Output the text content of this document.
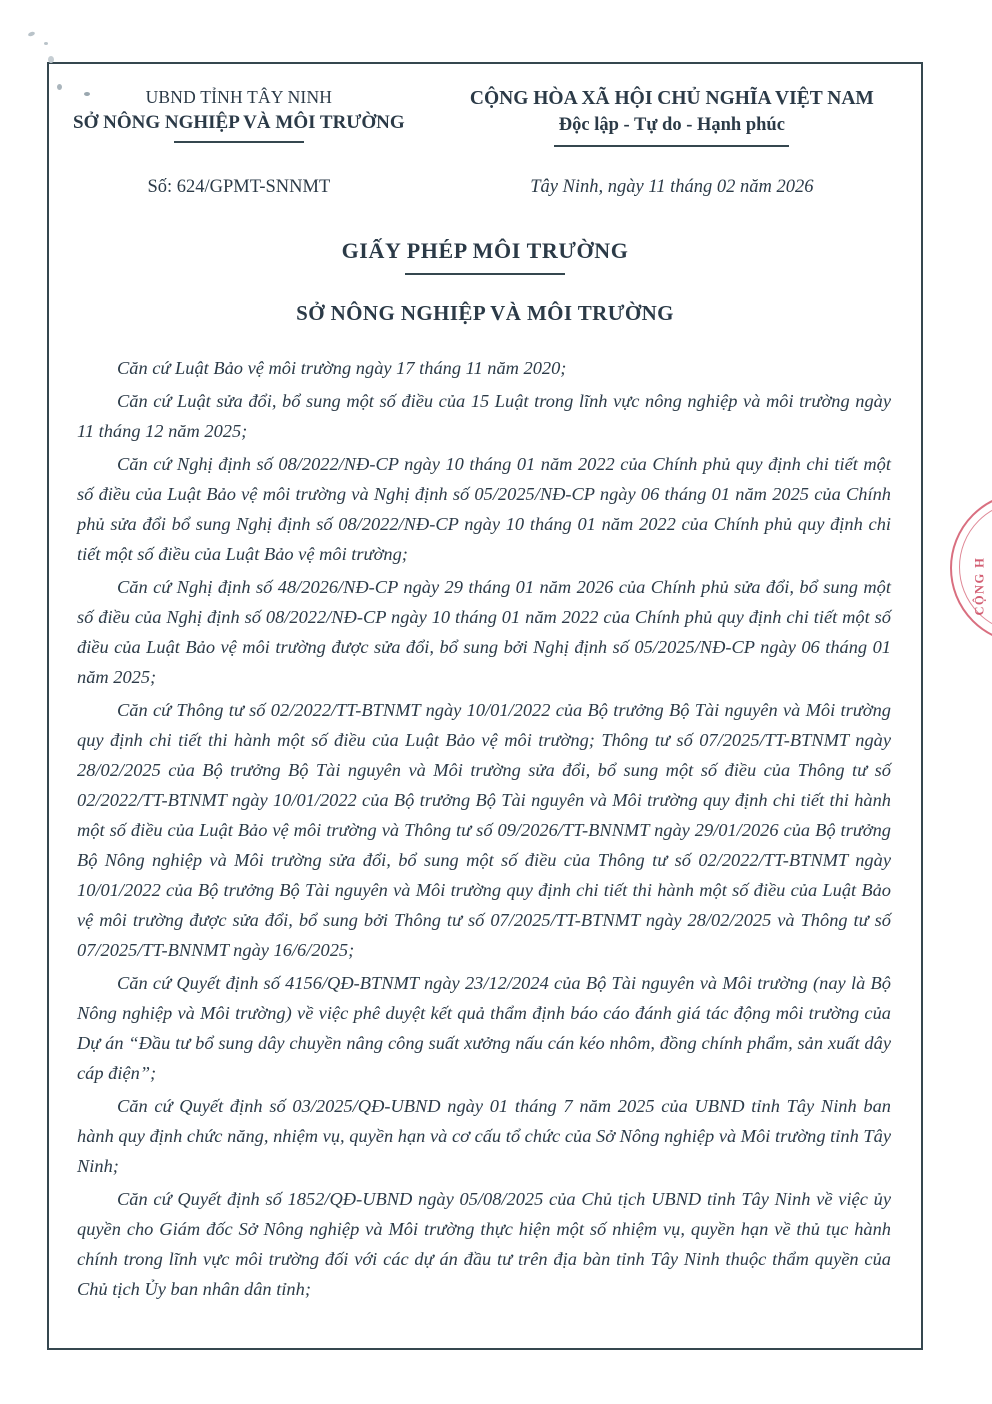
UBND TỈNH TÂY NINH
SỞ NÔNG NGHIỆP VÀ MÔI TRƯỜNG
CỘNG HÒA XÃ HỘI CHỦ NGHĨA VIỆT NAM
Độc lập - Tự do - Hạnh phúc
Số: 624/GPMT-SNNMT	Tây Ninh, ngày 11 tháng 02 năm 2026
GIẤY PHÉP MÔI TRƯỜNG
SỞ NÔNG NGHIỆP VÀ MÔI TRƯỜNG

Căn cứ Luật Bảo vệ môi trường ngày 17 tháng 11 năm 2020;

Căn cứ Luật sửa đổi, bổ sung một số điều của 15 Luật trong lĩnh vực nông nghiệp và môi trường ngày 11 tháng 12 năm 2025;

Căn cứ Nghị định số 08/2022/NĐ-CP ngày 10 tháng 01 năm 2022 của Chính phủ quy định chi tiết một số điều của Luật Bảo vệ môi trường và Nghị định số 05/2025/NĐ-CP ngày 06 tháng 01 năm 2025 của Chính phủ sửa đổi bổ sung Nghị định số 08/2022/NĐ-CP ngày 10 tháng 01 năm 2022 của Chính phủ quy định chi tiết một số điều của Luật Bảo vệ môi trường;

Căn cứ Nghị định số 48/2026/NĐ-CP ngày 29 tháng 01 năm 2026 của Chính phủ sửa đổi, bổ sung một số điều của Nghị định số 08/2022/NĐ-CP ngày 10 tháng 01 năm 2022 của Chính phủ quy định chi tiết một số điều của Luật Bảo vệ môi trường được sửa đổi, bổ sung bởi Nghị định số 05/2025/NĐ-CP ngày 06 tháng 01 năm 2025;

Căn cứ Thông tư số 02/2022/TT-BTNMT ngày 10/01/2022 của Bộ trưởng Bộ Tài nguyên và Môi trường quy định chi tiết thi hành một số điều của Luật Bảo vệ môi trường; Thông tư số 07/2025/TT-BTNMT ngày 28/02/2025 của Bộ trưởng Bộ Tài nguyên và Môi trường sửa đổi, bổ sung một số điều của Thông tư số 02/2022/TT-BTNMT ngày 10/01/2022 của Bộ trưởng Bộ Tài nguyên và Môi trường quy định chi tiết thi hành một số điều của Luật Bảo vệ môi trường và Thông tư số 09/2026/TT-BNNMT ngày 29/01/2026 của Bộ trưởng Bộ Nông nghiệp và Môi trường sửa đổi, bổ sung một số điều của Thông tư số 02/2022/TT-BTNMT ngày 10/01/2022 của Bộ trưởng Bộ Tài nguyên và Môi trường quy định chi tiết thi hành một số điều của Luật Bảo vệ môi trường được sửa đổi, bổ sung bởi Thông tư số 07/2025/TT-BTNMT ngày 28/02/2025 và Thông tư số 07/2025/TT-BNNMT ngày 16/6/2025;

Căn cứ Quyết định số 4156/QĐ-BTNMT ngày 23/12/2024 của Bộ Tài nguyên và Môi trường (nay là Bộ Nông nghiệp và Môi trường) về việc phê duyệt kết quả thẩm định báo cáo đánh giá tác động môi trường của Dự án “Đầu tư bổ sung dây chuyền nâng công suất xưởng nấu cán kéo nhôm, đồng chính phẩm, sản xuất dây cáp điện”;

Căn cứ Quyết định số 03/2025/QĐ-UBND ngày 01 tháng 7 năm 2025 của UBND tỉnh Tây Ninh ban hành quy định chức năng, nhiệm vụ, quyền hạn và cơ cấu tổ chức của Sở Nông nghiệp và Môi trường tỉnh Tây Ninh;

Căn cứ Quyết định số 1852/QĐ-UBND ngày 05/08/2025 của Chủ tịch UBND tỉnh Tây Ninh về việc ủy quyền cho Giám đốc Sở Nông nghiệp và Môi trường thực hiện một số nhiệm vụ, quyền hạn về thủ tục hành chính trong lĩnh vực môi trường đối với các dự án đầu tư trên địa bàn tỉnh Tây Ninh thuộc thẩm quyền của Chủ tịch Ủy ban nhân dân tỉnh;

CỘNG H
